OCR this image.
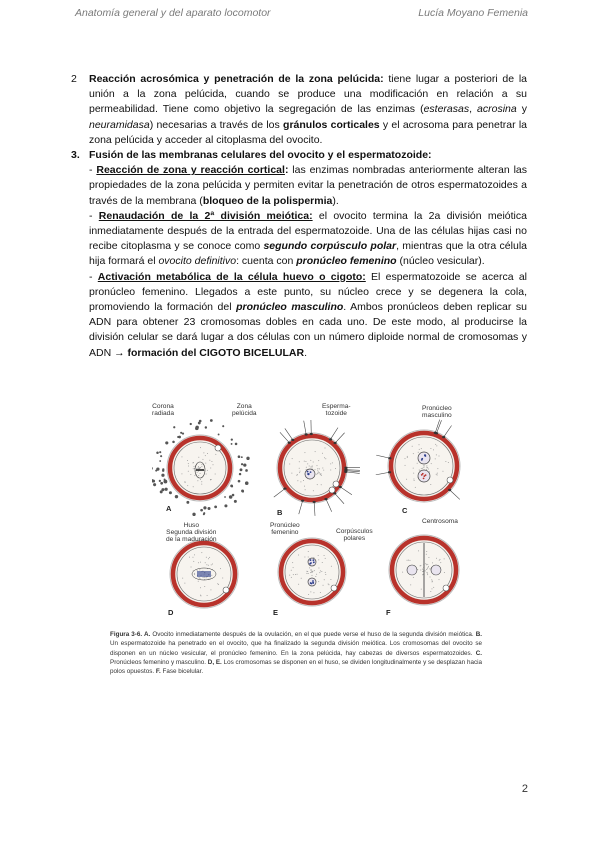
Anatomía general y del aparato locomotor	Lucía Moyano Femenia
2 Reacción acrosómica y penetración de la zona pelúcida: tiene lugar a posteriori de la unión a la zona pelúcida, cuando se produce una modificación en relación a su permeabilidad. Tiene como objetivo la segregación de las enzimas (esterasas, acrosina y neuramidasa) necesarias a través de los gránulos corticales y el acrosoma para penetrar la zona pelúcida y acceder al citoplasma del ovocito.

3. Fusión de las membranas celulares del ovocito y el espermatozoide:

- Reacción de zona y reacción cortical: las enzimas nombradas anteriormente alteran las propiedades de la zona pelúcida y permiten evitar la penetración de otros espermatozoides a través de la membrana (bloqueo de la polispermia).

- Renaudación de la 2ª división meiótica: el ovocito termina la 2a división meiótica inmediatamente después de la entrada del espermatozoide. Una de las células hijas casi no recibe citoplasma y se conoce como segundo corpúsculo polar, mientras que la otra célula hija formará el ovocito definitivo: cuenta con pronúcleo femenino (núcleo vesicular).

- Activación metabólica de la célula huevo o cigoto: El espermatozoide se acerca al pronúcleo femenino. Llegados a este punto, su núcleo crece y se degenera la cola, promoviendo la formación del pronúcleo masculino. Ambos pronúcleos deben replicar su ADN para obtener 23 cromosomas dobles en cada uno. De este modo, al producirse la división celular se dará lugar a dos células con un número diploide normal de cromosomas y ADN → formación del CIGOTO BICELULAR.

Corona
radiada
Zona
pelúcida
Esperma-
tozoide
Pronúcleo
masculino
Huso
Segunda división
de la maduración
Pronúcleo
femenino	Corpúsculos
polares
Centrosoma
A	B	C
D	E	F
Figura 3-6. A. Ovocito inmediatamente después de la ovulación, en el que puede verse el huso de la segunda división meiótica. B. Un espermatozoide ha penetrado en el ovocito, que ha finalizado la segunda división meiótica. Los cromosomas del ovocito se disponen en un núcleo vesicular, el pronúcleo femenino. En la zona pelúcida, hay cabezas de diversos espermatozoides. C. Pronúcleos femenino y masculino. D, E. Los cromosomas se disponen en el huso, se dividen longitudinalmente y se desplazan hacia polos opuestos. F. Fase bicelular.
2
